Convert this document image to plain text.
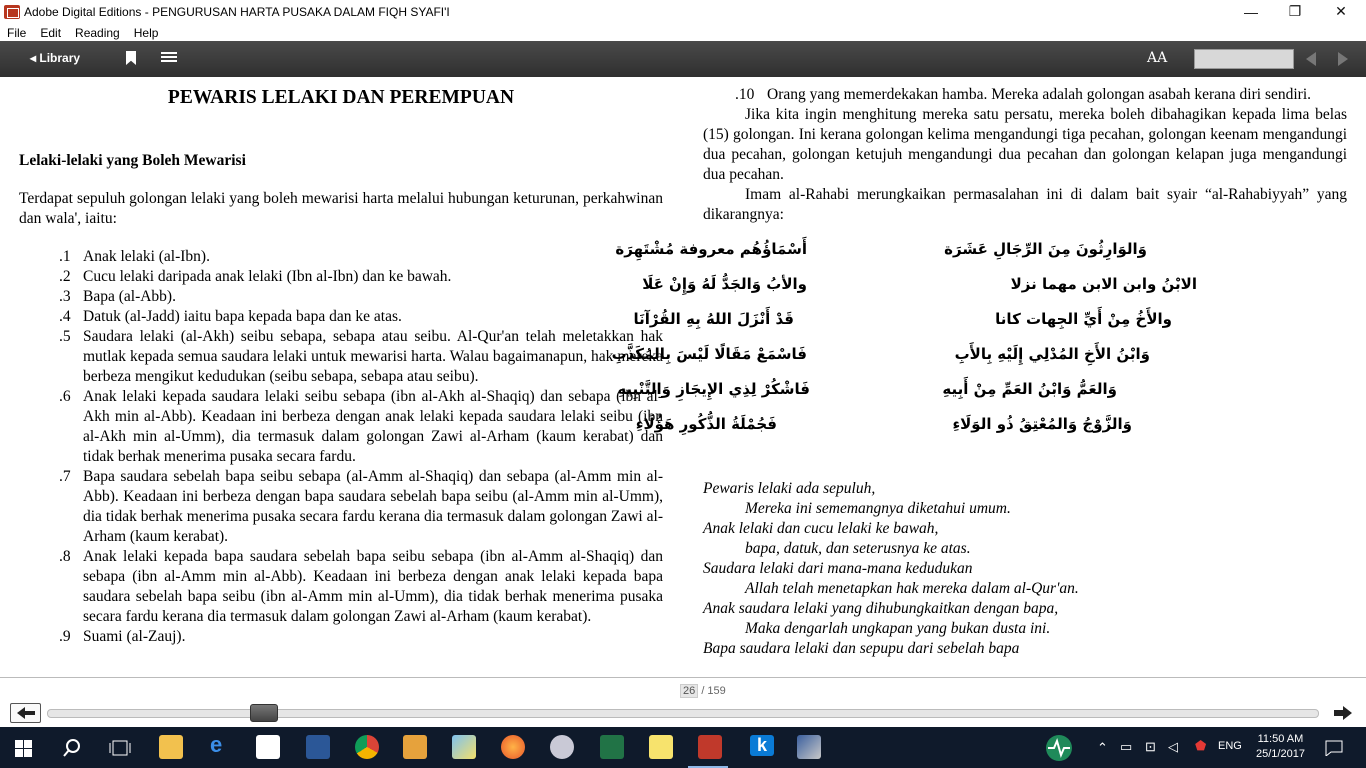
Adobe Digital Editions - PENGURUSAN HARTA PUSAKA DALAM FIQH SYAFI'I	—	❐	✕
File	Edit	Reading	Help
◂ Library	AA
PEWARIS LELAKI DAN PEREMPUAN
Lelaki-lelaki yang Boleh Mewarisi
Terdapat sepuluh golongan lelaki yang boleh mewarisi harta melalui hubungan keturunan, perkahwinan dan wala', iaitu:
.1 Anak lelaki (al-Ibn).
.2 Cucu lelaki daripada anak lelaki (Ibn al-Ibn) dan ke bawah.
.3 Bapa (al-Abb).
.4 Datuk (al-Jadd) iaitu bapa kepada bapa dan ke atas.
.5 Saudara lelaki (al-Akh) seibu sebapa, sebapa atau seibu. Al-Qur'an telah meletakkan hak mutlak kepada semua saudara lelaki untuk mewarisi harta. Walau bagaimanapun, hak mereka berbeza mengikut kedudukan (seibu sebapa, sebapa atau seibu).
.6 Anak lelaki kepada saudara lelaki seibu sebapa (ibn al-Akh al-Shaqiq) dan sebapa (ibn al-Akh min al-Abb). Keadaan ini berbeza dengan anak lelaki kepada saudara lelaki seibu (ibn al-Akh min al-Umm), dia termasuk dalam golongan Zawi al-Arham (kaum kerabat) dan tidak berhak menerima pusaka secara fardu.
.7 Bapa saudara sebelah bapa seibu sebapa (al-Amm al-Shaqiq) dan sebapa (al-Amm min al-Abb). Keadaan ini berbeza dengan bapa saudara sebelah bapa seibu (al-Amm min al-Umm), dia tidak berhak menerima pusaka secara fardu kerana dia termasuk dalam golongan Zawi al-Arham (kaum kerabat).
.8 Anak lelaki kepada bapa saudara sebelah bapa seibu sebapa (ibn al-Amm al-Shaqiq) dan sebapa (ibn al-Amm min al-Abb). Keadaan ini berbeza dengan anak lelaki kepada bapa saudara sebelah bapa seibu (ibn al-Amm min al-Umm), dia tidak berhak menerima pusaka secara fardu kerana dia termasuk dalam golongan Zawi al-Arham (kaum kerabat).
.9 Suami (al-Zauj).
.10 Orang yang memerdekakan hamba. Mereka adalah golongan asabah kerana diri sendiri.
Jika kita ingin menghitung mereka satu persatu, mereka boleh dibahagikan kepada lima belas (15) golongan. Ini kerana golongan kelima mengandungi tiga pecahan, golongan keenam mengandungi dua pecahan, golongan ketujuh mengandungi dua pecahan dan golongan kelapan juga mengandungi dua pecahan.
Imam al-Rahabi merungkaikan permasalahan ini di dalam bait syair “al-Rahabiyyah” yang dikarangnya:
وَالوَارِثُونَ مِنَ الرِّجَالِ عَشَرَة
أَسْمَاؤُهُم معروفة مُشْتَهِرَة
الابْنُ وابن الابن مهما نزلا
والأبُ وَالجَدُّ لَهُ وَإِنْ عَلَا
والأَخُ مِنْ أَيِّ الجِهات كانا
قَدْ أَنْزَلَ اللهُ بِهِ القُرْآنَا
وَابْنُ الأَخِ المُدْلِي إِلَيْهِ بِالأَبِ
فَاسْمَعْ مَقَالًا لَيْسَ بِالمُكَذَّبِ
وَالعَمُّ وَابْنُ العَمِّ مِنْ أَبِيهِ
فَاشْكُرْ لِذِي الإِيجَازِ وَالتَّنْبِيهِ
وَالزَّوْجُ وَالمُعْتِقُ ذُو الوَلَاءِ
فَجُمْلَةُ الذُّكُورِ هَؤُلَاءِ
Pewaris lelaki ada sepuluh,
Mereka ini sememangnya diketahui umum.
Anak lelaki dan cucu lelaki ke bawah,
bapa, datuk, dan seterusnya ke atas.
Saudara lelaki dari mana-mana kedudukan
Allah telah menetapkan hak mereka dalam al-Qur'an.
Anak saudara lelaki yang dihubungkaitkan dengan bapa,
Maka dengarlah ungkapan yang bukan dusta ini.
Bapa saudara lelaki dan sepupu dari sebelah bapa
26 / 159
e	k	⌃ ▭ ⊡ ◁ ⬟ ENG
11:50 AM
25/1/2017
